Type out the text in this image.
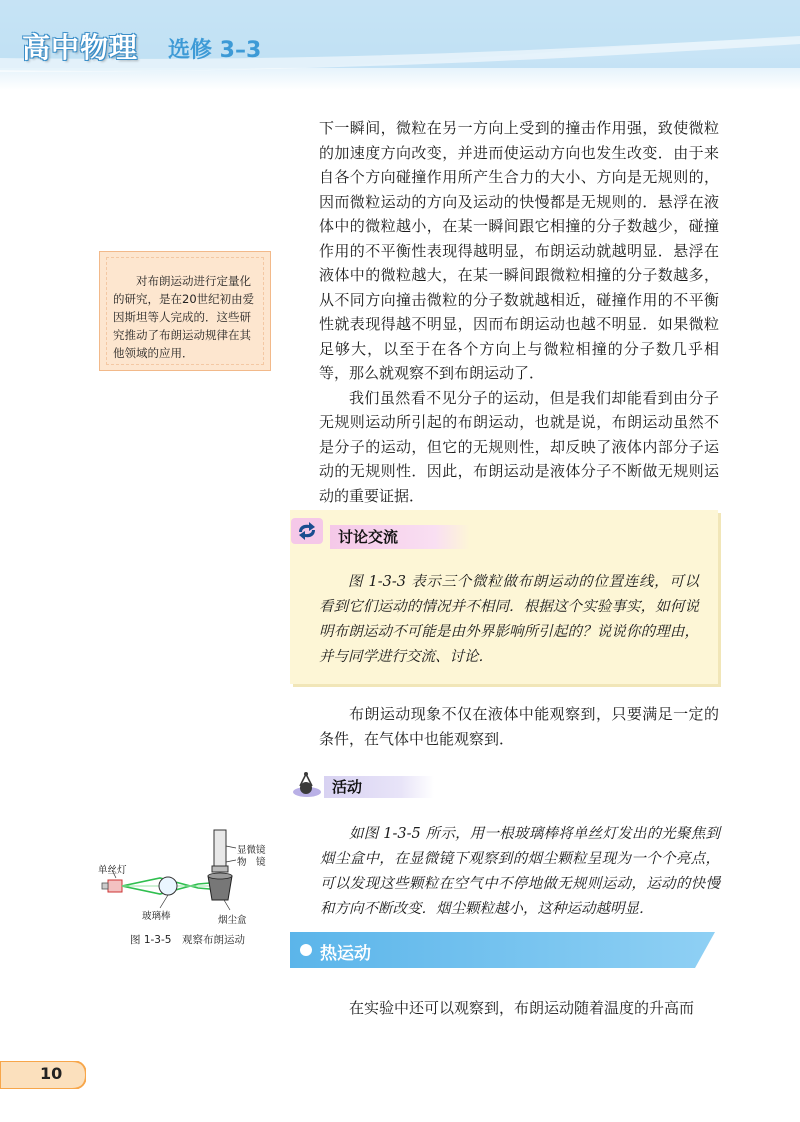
高中物理 选修 3–3

对布朗运动进行定量化的研究，是在20世纪初由爱因斯坦等人完成的．这些研究推动了布朗运动规律在其他领域的应用．

下一瞬间，微粒在另一方向上受到的撞击作用强，致使微粒的加速度方向改变，并进而使运动方向也发生改变．由于来自各个方向碰撞作用所产生合力的大小、方向是无规则的，因而微粒运动的方向及运动的快慢都是无规则的．悬浮在液体中的微粒越小，在某一瞬间跟它相撞的分子数越少，碰撞作用的不平衡性表现得越明显，布朗运动就越明显．悬浮在液体中的微粒越大，在某一瞬间跟微粒相撞的分子数越多，从不同方向撞击微粒的分子数就越相近，碰撞作用的不平衡性就表现得越不明显，因而布朗运动也越不明显．如果微粒足够大，以至于在各个方向上与微粒相撞的分子数几乎相等，那么就观察不到布朗运动了．

我们虽然看不见分子的运动，但是我们却能看到由分子无规则运动所引起的布朗运动，也就是说，布朗运动虽然不是分子的运动，但它的无规则性，却反映了液体内部分子运动的无规则性．因此，布朗运动是液体分子不断做无规则运动的重要证据．

讨论交流
图 1-3-3 表示三个微粒做布朗运动的位置连线，可以看到它们运动的情况并不相同．根据这个实验事实，如何说明布朗运动不可能是由外界影响所引起的？说说你的理由，并与同学进行交流、讨论．

布朗运动现象不仅在液体中能观察到，只要满足一定的条件，在气体中也能观察到．

活动
如图 1-3-5 所示，用一根玻璃棒将单丝灯发出的光聚焦到烟尘盒中，在显微镜下观察到的烟尘颗粒呈现为一个个亮点，可以发现这些颗粒在空气中不停地做无规则运动，运动的快慢和方向不断改变．烟尘颗粒越小，这种运动越明显．
单丝灯
玻璃棒
显微镜
物　镜
烟尘盒
图 1-3-5　观察布朗运动
热运动

在实验中还可以观察到，布朗运动随着温度的升高而

10
